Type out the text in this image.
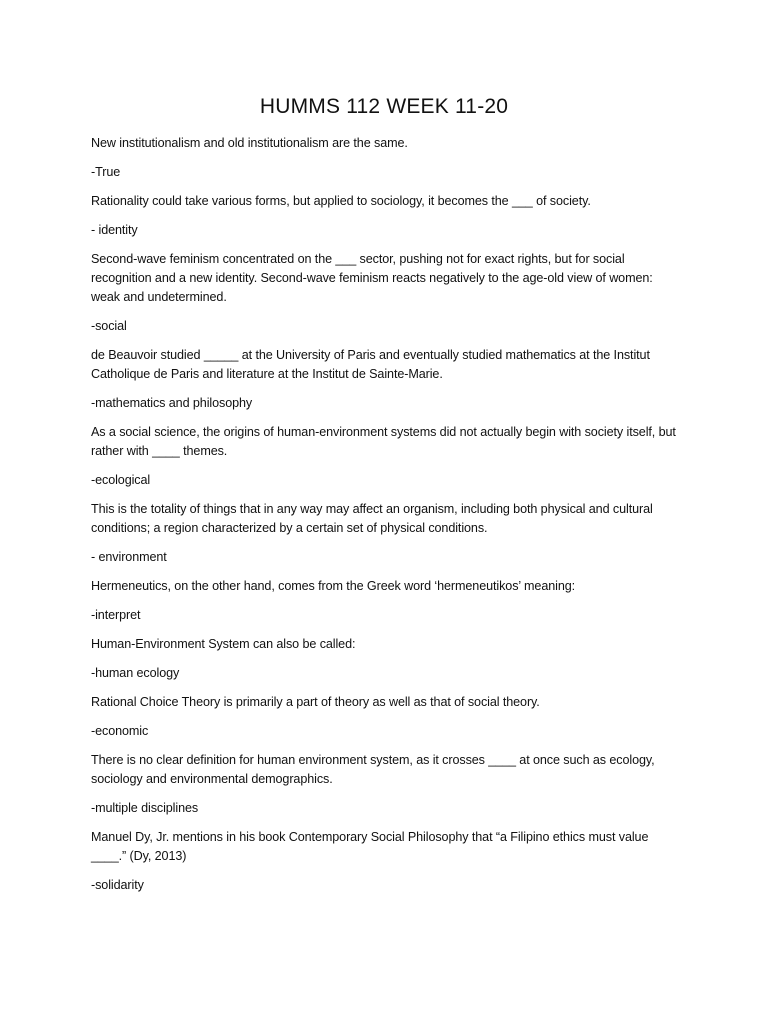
HUMMS 112 WEEK 11-20

New institutionalism and old institutionalism are the same.

-True

Rationality could take various forms, but applied to sociology, it becomes the ___ of society.

- identity

Second-wave feminism concentrated on the ___ sector, pushing not for exact rights, but for social recognition and a new identity. Second-wave feminism reacts negatively to the age-old view of women: weak and undetermined.

-social

de Beauvoir studied _____ at the University of Paris and eventually studied mathematics at the Institut Catholique de Paris and literature at the Institut de Sainte-Marie.

-mathematics and philosophy

As a social science, the origins of human-environment systems did not actually begin with society itself, but rather with ____ themes.

-ecological

This is the totality of things that in any way may affect an organism, including both physical and cultural conditions; a region characterized by a certain set of physical conditions.

- environment

Hermeneutics, on the other hand, comes from the Greek word ‘hermeneutikos’ meaning:

-interpret

Human-Environment System can also be called:

-human ecology

Rational Choice Theory is primarily a part of theory as well as that of social theory.

-economic

There is no clear definition for human environment system, as it crosses ____ at once such as ecology, sociology and environmental demographics.

-multiple disciplines

Manuel Dy, Jr. mentions in his book Contemporary Social Philosophy that “a Filipino ethics must value ____.” (Dy, 2013)

-solidarity
